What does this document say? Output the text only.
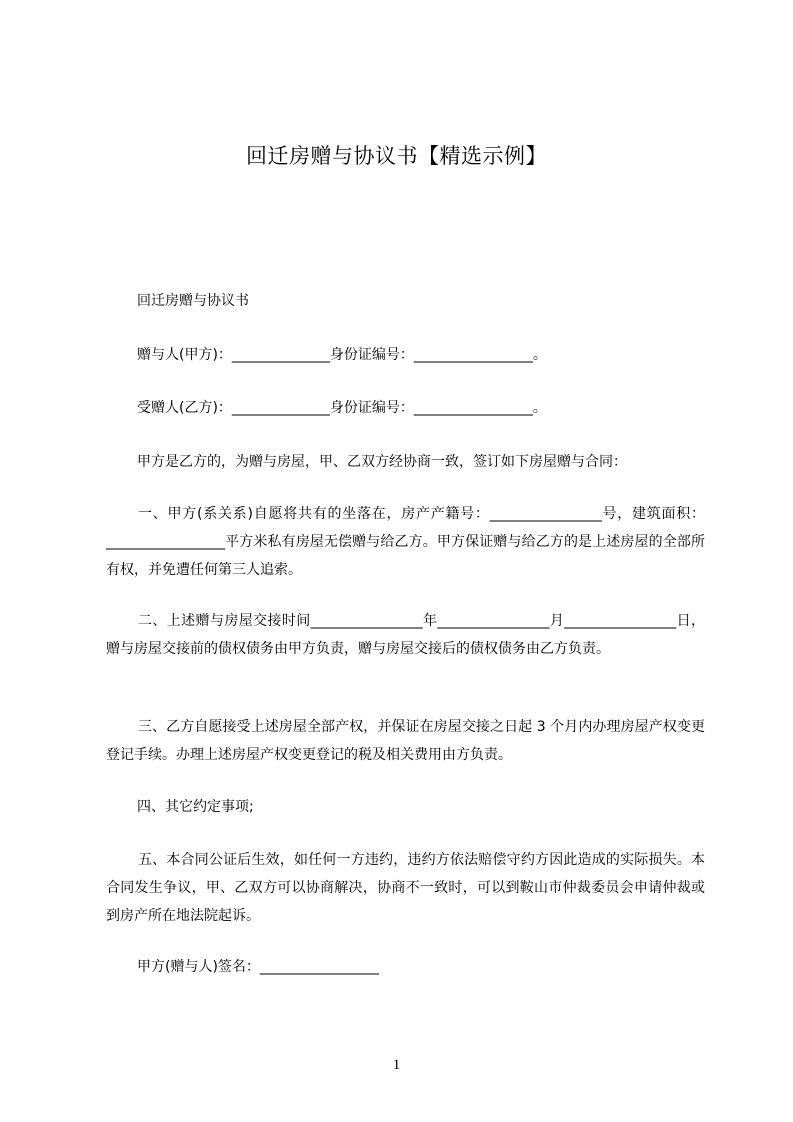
回迁房赠与协议书【精选示例】
回迁房赠与协议书
赠与人(甲方)：______________身份证编号：_________________。
受赠人(乙方)：______________身份证编号：_________________。
甲方是乙方的，为赠与房屋，甲、乙双方经协商一致，签订如下房屋赠与合同：
一、甲方(系关系)自愿将共有的坐落在，房产产籍号：________________号，建筑面积：_________________平方米私有房屋无偿赠与给乙方。甲方保证赠与给乙方的是上述房屋的全部所有权，并免遭任何第三人追索。
二、上述赠与房屋交接时间________________年________________月________________日，赠与房屋交接前的债权债务由甲方负责，赠与房屋交接后的债权债务由乙方负责。
三、乙方自愿接受上述房屋全部产权，并保证在房屋交接之日起 3 个月内办理房屋产权变更登记手续。办理上述房屋产权变更登记的税及相关费用由方负责。
四、其它约定事项;
五、本合同公证后生效，如任何一方违约，违约方依法赔偿守约方因此造成的实际损失。本合同发生争议，甲、乙双方可以协商解决，协商不一致时，可以到鞍山市仲裁委员会申请仲裁或到房产所在地法院起诉。
甲方(赠与人)签名：_________________
1
